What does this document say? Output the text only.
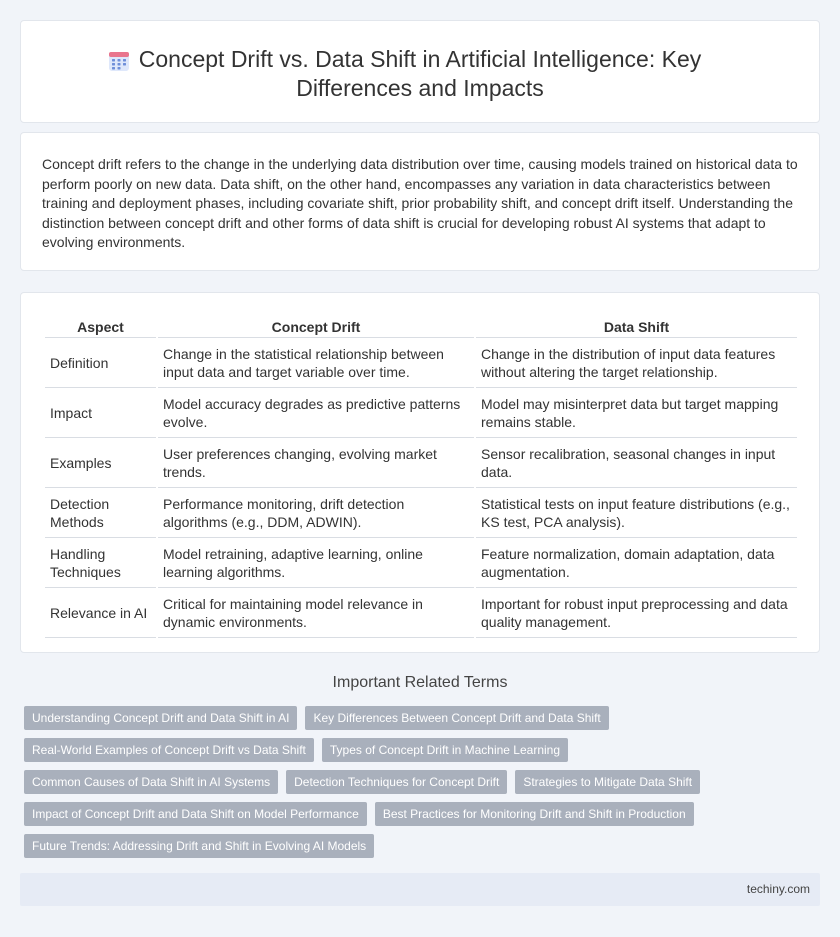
Concept Drift vs. Data Shift in Artificial Intelligence: Key
Differences and Impacts

Concept drift refers to the change in the underlying data distribution over time, causing models trained on historical data to perform poorly on new data. Data shift, on the other hand, encompasses any variation in data characteristics between training and deployment phases, including covariate shift, prior probability shift, and concept drift itself. Understanding the distinction between concept drift and other forms of data shift is crucial for developing robust AI systems that adapt to evolving environments.

Aspect	Concept Drift	Data Shift
Definition	Change in the statistical relationship between input data and target variable over time.	Change in the distribution of input data features without altering the target relationship.
Impact	Model accuracy degrades as predictive patterns evolve.	Model may misinterpret data but target mapping remains stable.
Examples	User preferences changing, evolving market trends.	Sensor recalibration, seasonal changes in input data.
Detection Methods	Performance monitoring, drift detection algorithms (e.g., DDM, ADWIN).	Statistical tests on input feature distributions (e.g., KS test, PCA analysis).
Handling Techniques	Model retraining, adaptive learning, online learning algorithms.	Feature normalization, domain adaptation, data augmentation.
Relevance in AI	Critical for maintaining model relevance in dynamic environments.	Important for robust input preprocessing and data quality management.
Important Related Terms
Understanding Concept Drift and Data Shift in AI	Key Differences Between Concept Drift and Data Shift
Real-World Examples of Concept Drift vs Data Shift	Types of Concept Drift in Machine Learning
Common Causes of Data Shift in AI Systems	Detection Techniques for Concept Drift	Strategies to Mitigate Data Shift
Impact of Concept Drift and Data Shift on Model Performance	Best Practices for Monitoring Drift and Shift in Production
Future Trends: Addressing Drift and Shift in Evolving AI Models
techiny.com
